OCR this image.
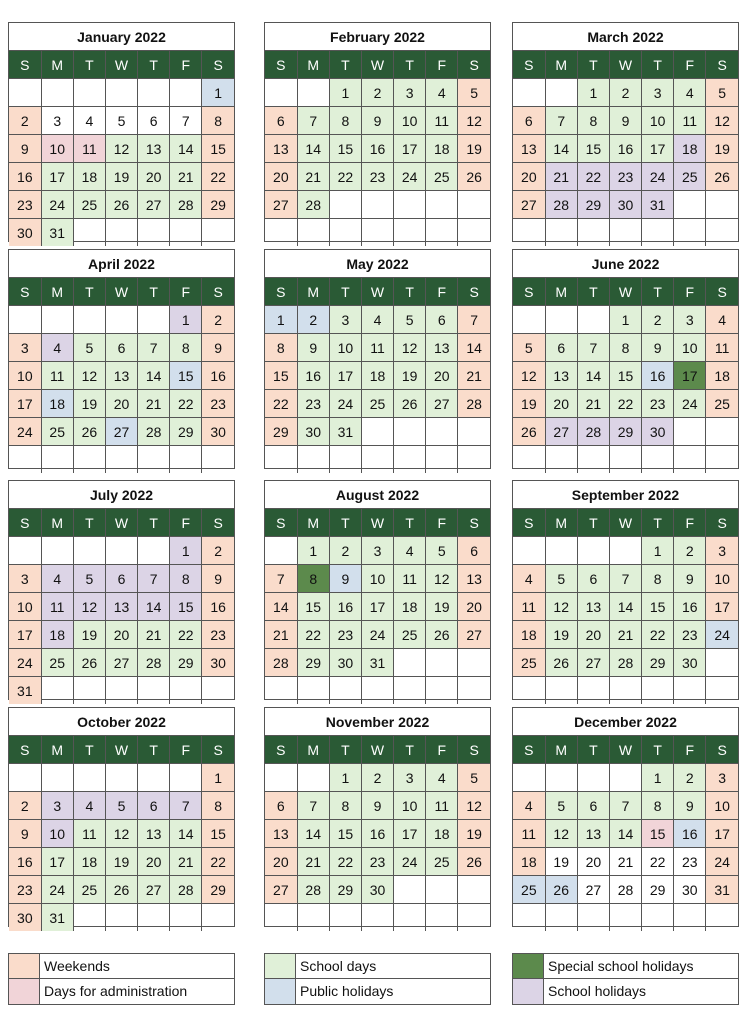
January 2022
S	M	T	W	T	F	S
						1
2	3	4	5	6	7	8
9	10	11	12	13	14	15
16	17	18	19	20	21	22
23	24	25	26	27	28	29
30	31					
February 2022
S	M	T	W	T	F	S
		1	2	3	4	5
6	7	8	9	10	11	12
13	14	15	16	17	18	19
20	21	22	23	24	25	26
27	28					

March 2022
S	M	T	W	T	F	S
		1	2	3	4	5
6	7	8	9	10	11	12
13	14	15	16	17	18	19
20	21	22	23	24	25	26
27	28	29	30	31		

April 2022
S	M	T	W	T	F	S
					1	2
3	4	5	6	7	8	9
10	11	12	13	14	15	16
17	18	19	20	21	22	23
24	25	26	27	28	29	30

May 2022
S	M	T	W	T	F	S
1	2	3	4	5	6	7
8	9	10	11	12	13	14
15	16	17	18	19	20	21
22	23	24	25	26	27	28
29	30	31				

June 2022
S	M	T	W	T	F	S
			1	2	3	4
5	6	7	8	9	10	11
12	13	14	15	16	17	18
19	20	21	22	23	24	25
26	27	28	29	30		

July 2022
S	M	T	W	T	F	S
					1	2
3	4	5	6	7	8	9
10	11	12	13	14	15	16
17	18	19	20	21	22	23
24	25	26	27	28	29	30
31						
August 2022
S	M	T	W	T	F	S
	1	2	3	4	5	6
7	8	9	10	11	12	13
14	15	16	17	18	19	20
21	22	23	24	25	26	27
28	29	30	31			

September 2022
S	M	T	W	T	F	S
				1	2	3
4	5	6	7	8	9	10
11	12	13	14	15	16	17
18	19	20	21	22	23	24
25	26	27	28	29	30	

October 2022
S	M	T	W	T	F	S
						1
2	3	4	5	6	7	8
9	10	11	12	13	14	15
16	17	18	19	20	21	22
23	24	25	26	27	28	29
30	31					
November 2022
S	M	T	W	T	F	S
		1	2	3	4	5
6	7	8	9	10	11	12
13	14	15	16	17	18	19
20	21	22	23	24	25	26
27	28	29	30			

December 2022
S	M	T	W	T	F	S
				1	2	3
4	5	6	7	8	9	10
11	12	13	14	15	16	17
18	19	20	21	22	23	24
25	26	27	28	29	30	31

Weekends
Days for administration
School days
Public holidays
Special school holidays
School holidays
